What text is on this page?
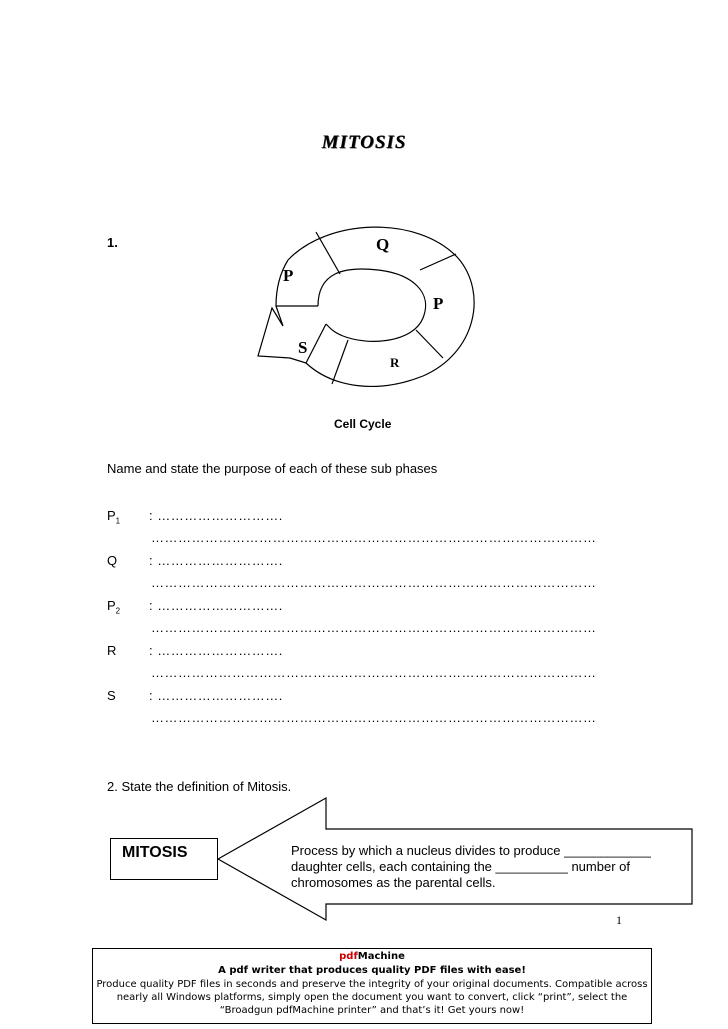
MITOSIS
1.	Q
P
P
S
R
Cell Cycle
Name and state the purpose of each of these sub phases
$P_1$ : ……………………….
………………………………………………………………………………………
Q : ……………………….
………………………………………………………………………………………
$P_2$ : ……………………….
………………………………………………………………………………………
R	: ……………………….
………………………………………………………………………………………
S	: ……………………….
………………………………………………………………………………………
2. State the definition of Mitosis.
MITOSIS	Process by which a nucleus divides to produce ____________
daughter cells, each containing the __________ number of
chromosomes as the parental cells.
1
pdfMachine
A pdf writer that produces quality PDF files with ease!
Produce quality PDF files in seconds and preserve the integrity of your original documents. Compatible across
nearly all Windows platforms, simply open the document you want to convert, click “print”, select the
“Broadgun pdfMachine printer” and that’s it! Get yours now!
